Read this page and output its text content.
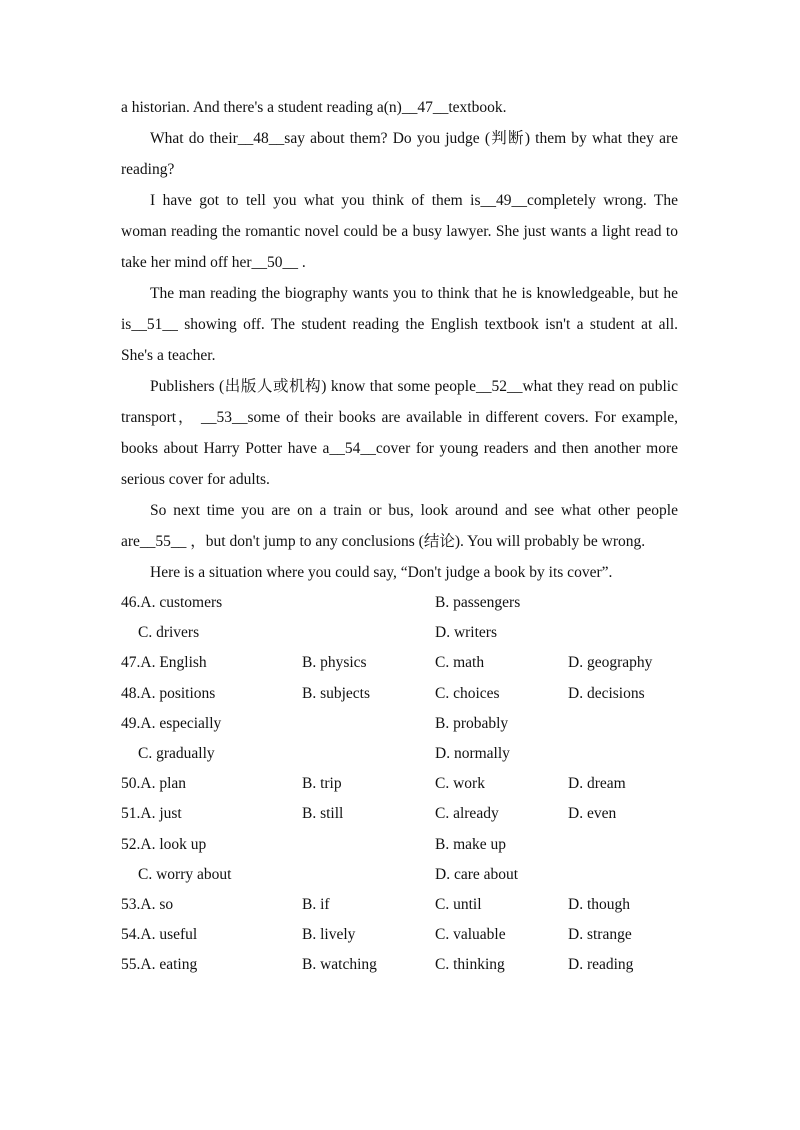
a historian. And there's a student reading a(n)__47__textbook.

What do their__48__say about them? Do you judge (判断) them by what they are reading?

I have got to tell you what you think of them is__49__completely wrong. The woman reading the romantic novel could be a busy lawyer. She just wants a light read to take her mind off her__50__ .

The man reading the biography wants you to think that he is knowledgeable, but he is__51__ showing off. The student reading the English textbook isn't a student at all. She's a teacher.

Publishers (出版人或机构) know that some people__52__what they read on public transport， __53__some of their books are available in different covers. For example, books about Harry Potter have a__54__cover for young readers and then another more serious cover for adults.

So next time you are on a train or bus, look around and see what other people are__55__ ，but don't jump to any conclusions (结论). You will probably be wrong.

Here is a situation where you could say, “Don't judge a book by its cover”.

46.A. customers	B. passengers
C. drivers	D. writers
47.A. English	B. physics	C. math	D. geography
48.A. positions	B. subjects	C. choices	D. decisions
49.A. especially	B. probably
C. gradually	D. normally
50.A. plan	B. trip	C. work	D. dream
51.A. just	B. still	C. already	D. even
52.A. look up	B. make up
C. worry about	D. care about
53.A. so	B. if	C. until	D. though
54.A. useful	B. lively	C. valuable	D. strange
55.A. eating	B. watching	C. thinking	D. reading
